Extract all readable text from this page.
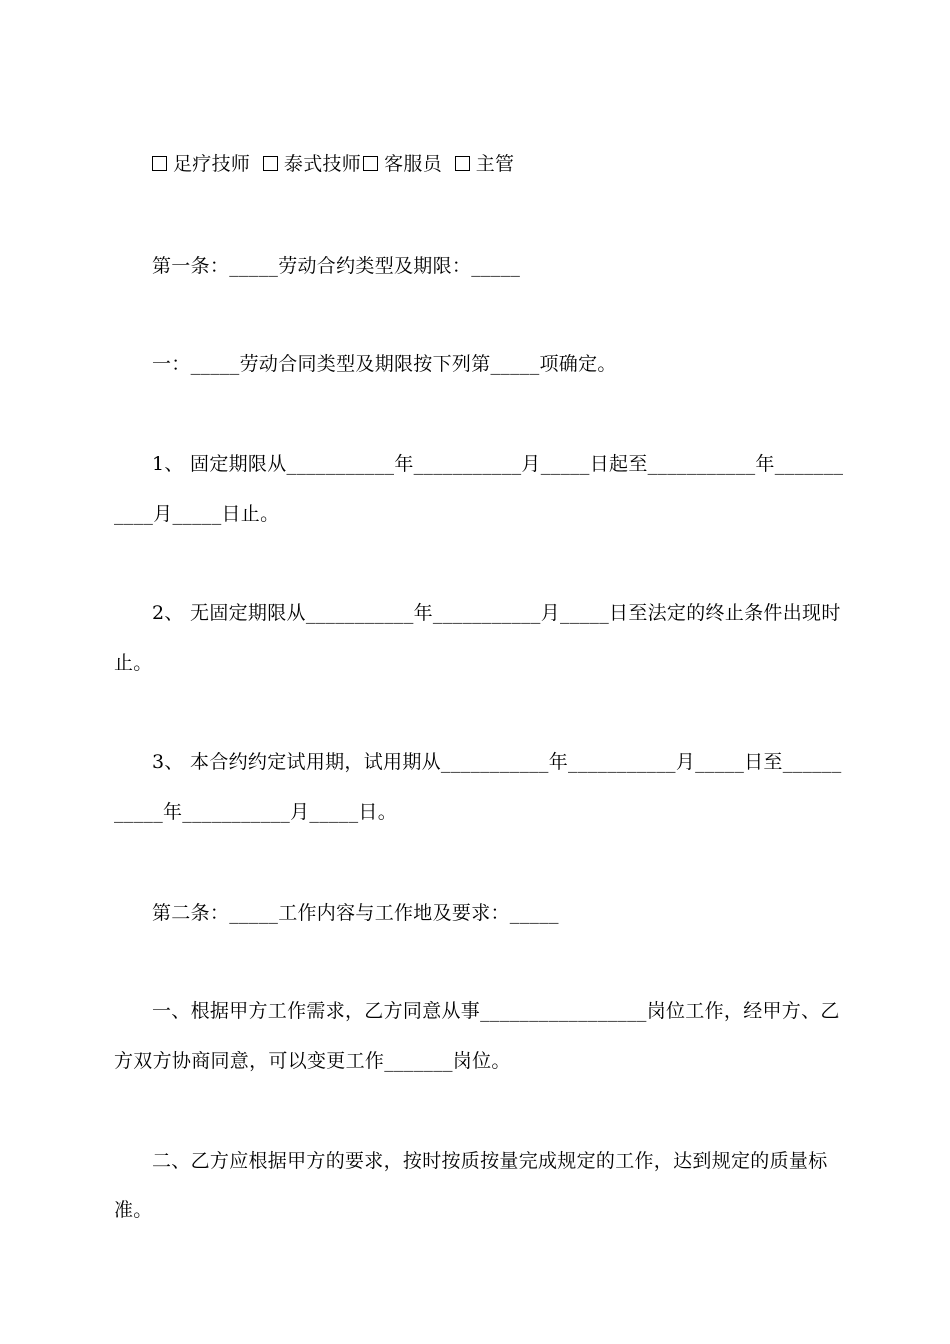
足疗技师 泰式技师 客服员 主管
第一条：_____劳动合约类型及期限：_____
一：_____劳动合同类型及期限按下列第_____项确定。
1、 固定期限从___________年___________月_____日起至___________年_______
____月_____日止。
2、 无固定期限从___________年___________月_____日至法定的终止条件出现时
止。
3、 本合约约定试用期，试用期从___________年___________月_____日至______
_____年___________月_____日。
第二条：_____工作内容与工作地及要求：_____
一、根据甲方工作需求，乙方同意从事_________________岗位工作，经甲方、乙
方双方协商同意，可以变更工作_______岗位。
二、乙方应根据甲方的要求，按时按质按量完成规定的工作，达到规定的质量标
准。
